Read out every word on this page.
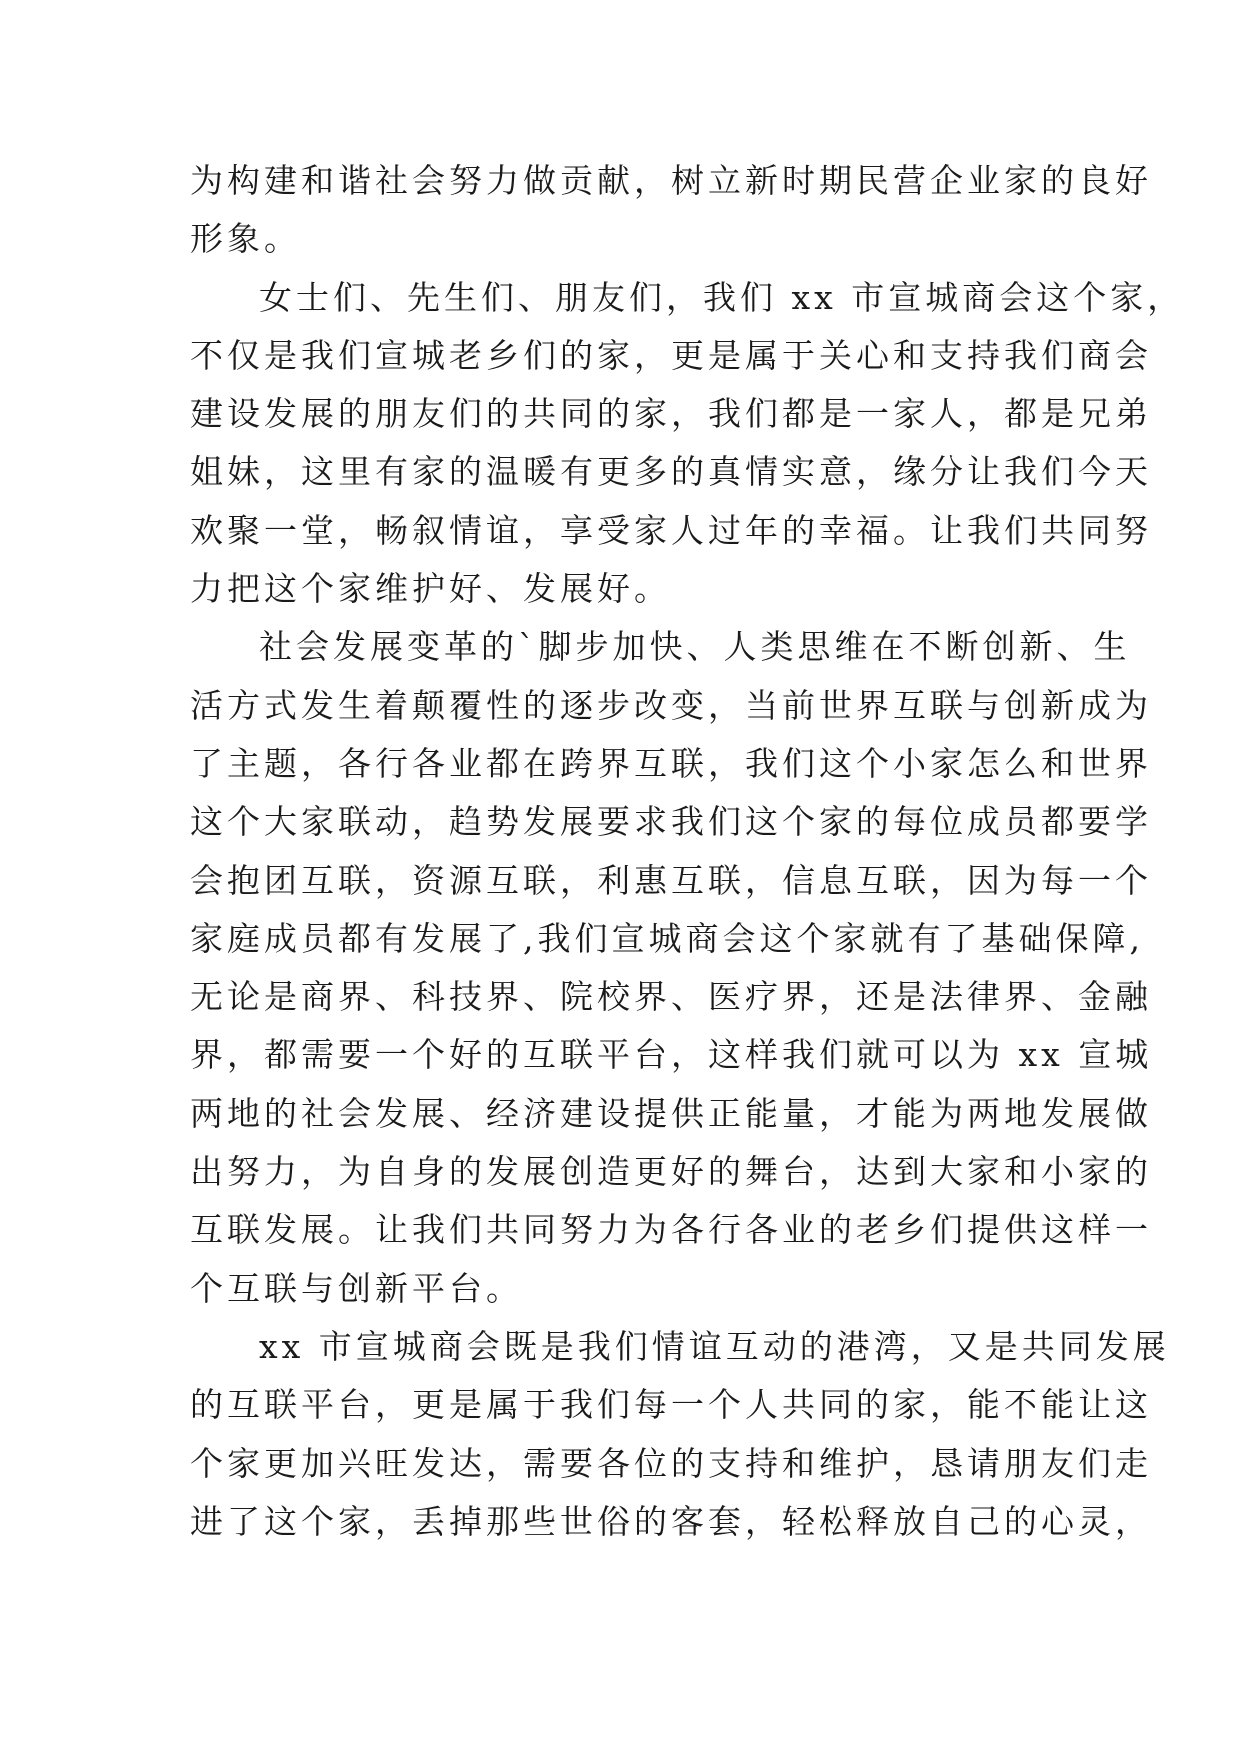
为构建和谐社会努力做贡献，树立新时期民营企业家的良好
形象。
女士们、先生们、朋友们，我们 xx 市宣城商会这个家，
不仅是我们宣城老乡们的家，更是属于关心和支持我们商会
建设发展的朋友们的共同的家，我们都是一家人，都是兄弟
姐妹，这里有家的温暖有更多的真情实意，缘分让我们今天
欢聚一堂，畅叙情谊，享受家人过年的幸福。让我们共同努
力把这个家维护好、发展好。
社会发展变革的`脚步加快、人类思维在不断创新、生
活方式发生着颠覆性的逐步改变，当前世界互联与创新成为
了主题，各行各业都在跨界互联，我们这个小家怎么和世界
这个大家联动，趋势发展要求我们这个家的每位成员都要学
会抱团互联，资源互联，利惠互联，信息互联，因为每一个
家庭成员都有发展了,我们宣城商会这个家就有了基础保障,
无论是商界、科技界、院校界、医疗界，还是法律界、金融
界，都需要一个好的互联平台，这样我们就可以为 xx 宣城
两地的社会发展、经济建设提供正能量，才能为两地发展做
出努力，为自身的发展创造更好的舞台，达到大家和小家的
互联发展。让我们共同努力为各行各业的老乡们提供这样一
个互联与创新平台。
xx 市宣城商会既是我们情谊互动的港湾，又是共同发展
的互联平台，更是属于我们每一个人共同的家，能不能让这
个家更加兴旺发达，需要各位的支持和维护，恳请朋友们走
进了这个家，丢掉那些世俗的客套，轻松释放自己的心灵，
